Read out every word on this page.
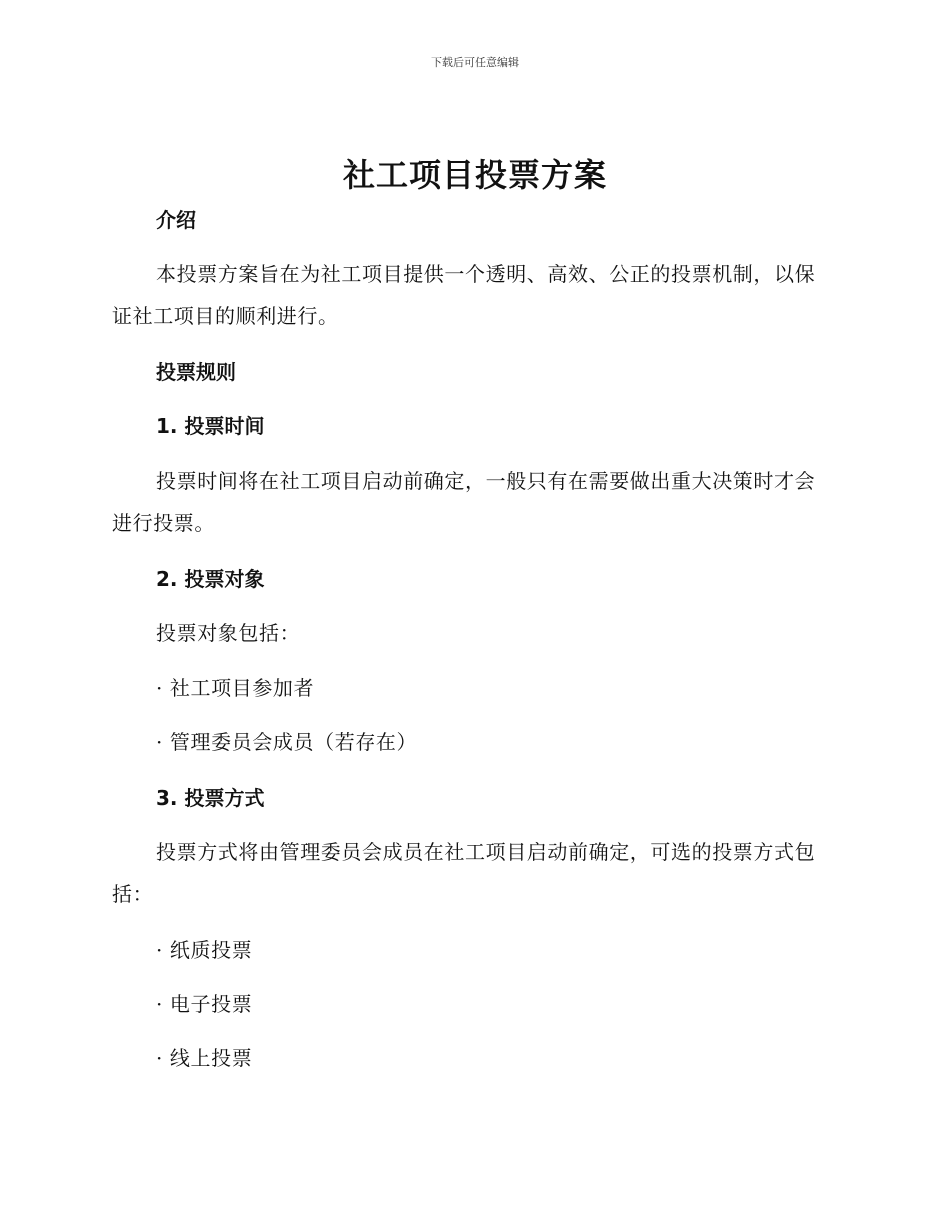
下载后可任意编辑
社工项目投票方案
介绍

本投票方案旨在为社工项目提供一个透明、高效、公正的投票机制，以保证社工项目的顺利进行。

投票规则
1. 投票时间

投票时间将在社工项目启动前确定，一般只有在需要做出重大决策时才会进行投票。

2. 投票对象

投票对象包括：

· 社工项目参加者
· 管理委员会成员（若存在）
3. 投票方式

投票方式将由管理委员会成员在社工项目启动前确定，可选的投票方式包括：

· 纸质投票
· 电子投票
· 线上投票
